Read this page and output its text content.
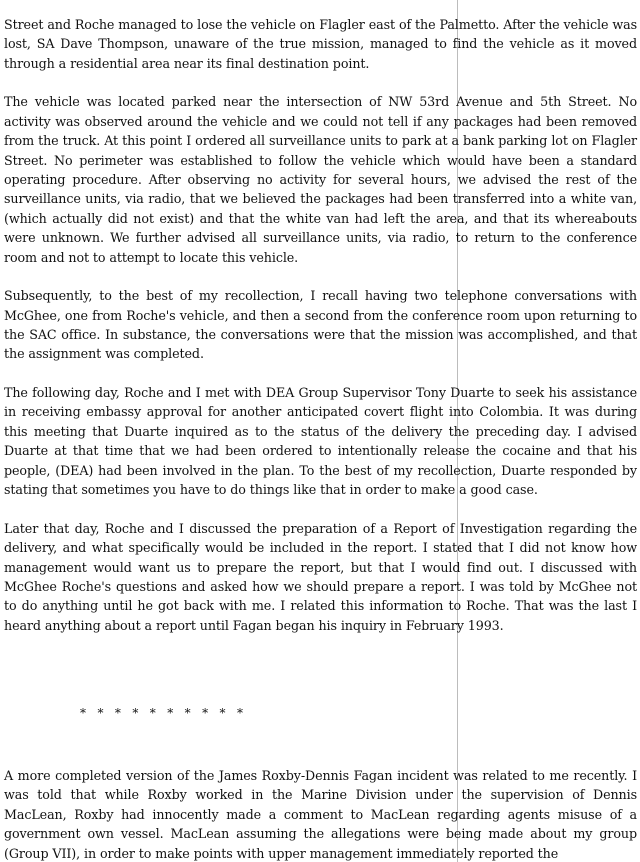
Street and Roche managed to lose the vehicle on Flagler east of the Palmetto. After the vehicle was lost, SA Dave Thompson, unaware of the true mission, managed to find the vehicle as it moved through a residential area near its final destination point.

The vehicle was located parked near the intersection of NW 53rd Avenue and 5th Street. No activity was observed around the vehicle and we could not tell if any packages had been removed from the truck. At this point I ordered all surveillance units to park at a bank parking lot on Flagler Street. No perimeter was established to follow the vehicle which would have been a standard operating procedure. After observing no activity for several hours, we advised the rest of the surveillance units, via radio, that we believed the packages had been transferred into a white van, (which actually did not exist) and that the white van had left the area, and that its whereabouts were unknown. We further advised all surveillance units, via radio, to return to the conference room and not to attempt to locate this vehicle.

Subsequently, to the best of my recollection, I recall having two telephone conversations with McGhee, one from Roche's vehicle, and then a second from the conference room upon returning to the SAC office. In substance, the conversations were that the mission was accomplished, and that the assignment was completed.

The following day, Roche and I met with DEA Group Supervisor Tony Duarte to seek his assistance in receiving embassy approval for another anticipated covert flight into Colombia. It was during this meeting that Duarte inquired as to the status of the delivery the preceding day. I advised Duarte at that time that we had been ordered to intentionally release the cocaine and that his people, (DEA) had been involved in the plan. To the best of my recollection, Duarte responded by stating that sometimes you have to do things like that in order to make a good case.

Later that day, Roche and I discussed the preparation of a Report of Investigation regarding the delivery, and what specifically would be included in the report. I stated that I did not know how management would want us to prepare the report, but that I would find out. I discussed with McGhee Roche's questions and asked how we should prepare a report. I was told by McGhee not to do anything until he got back with me. I related this information to Roche. That was the last I heard anything about a report until Fagan began his inquiry in February 1993.

*   *   *   *   *   *   *   *   *   *

A more completed version of the James Roxby-Dennis Fagan incident was related to me recently. I was told that while Roxby worked in the Marine Division under the supervision of Dennis MacLean, Roxby had innocently made a comment to MacLean regarding agents misuse of a government own vessel. MacLean assuming the allegations were being made about my group (Group VII), in order to make points with upper management immediately reported the
